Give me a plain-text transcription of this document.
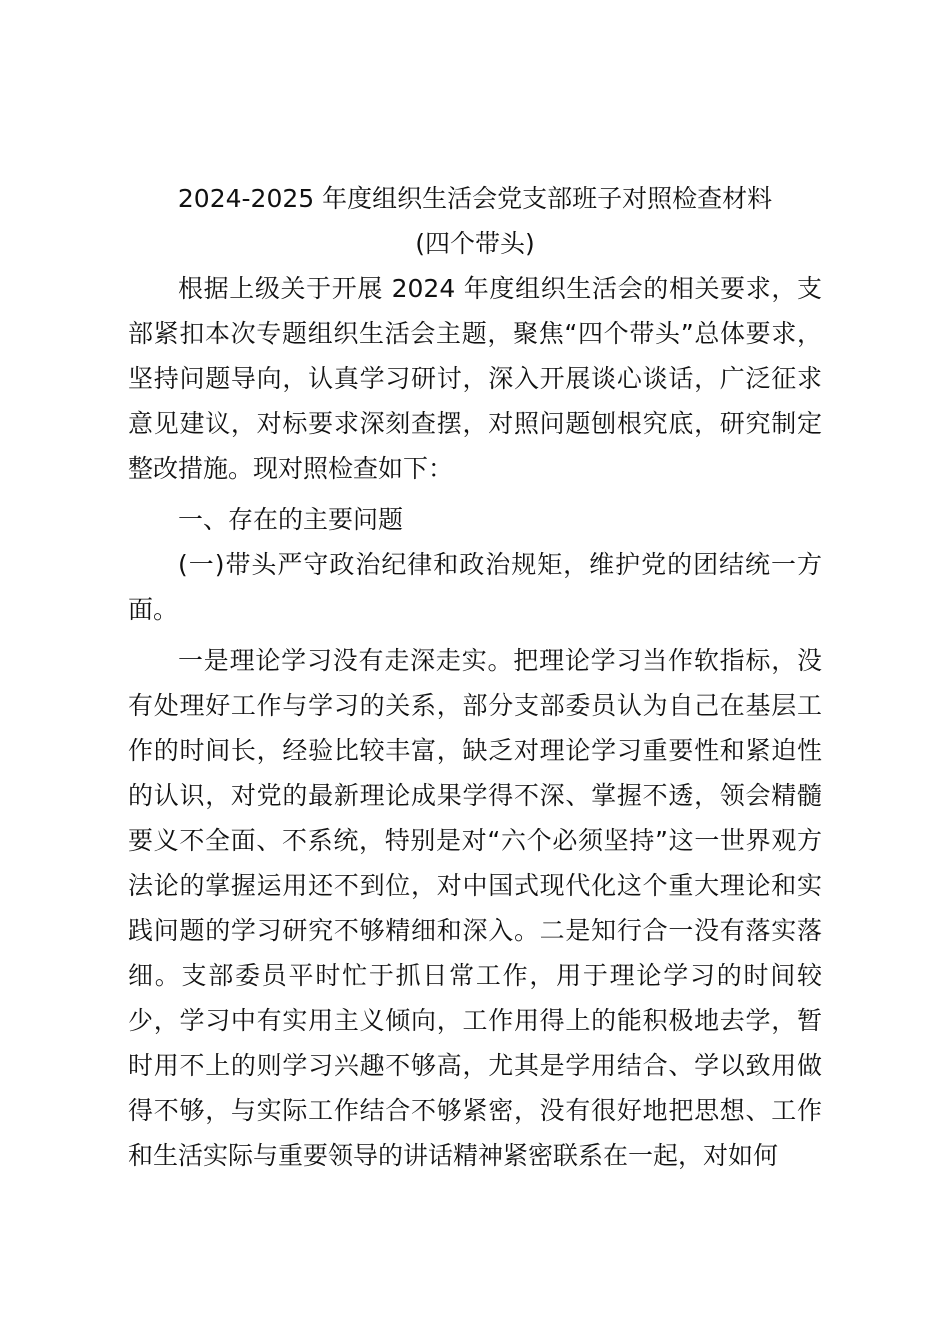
2024-2025 年度组织生活会党支部班子对照检查材料
(四个带头)

根据上级关于开展 2024 年度组织生活会的相关要求，支部紧扣本次专题组织生活会主题，聚焦“四个带头”总体要求，坚持问题导向，认真学习研讨，深入开展谈心谈话，广泛征求意见建议，对标要求深刻查摆，对照问题刨根究底，研究制定整改措施。现对照检查如下：

一、存在的主要问题

(一)带头严守政治纪律和政治规矩，维护党的团结统一方面。

一是理论学习没有走深走实。把理论学习当作软指标，没有处理好工作与学习的关系，部分支部委员认为自己在基层工作的时间长，经验比较丰富，缺乏对理论学习重要性和紧迫性的认识，对党的最新理论成果学得不深、掌握不透，领会精髓要义不全面、不系统，特别是对“六个必须坚持”这一世界观方法论的掌握运用还不到位，对中国式现代化这个重大理论和实践问题的学习研究不够精细和深入。二是知行合一没有落实落细。支部委员平时忙于抓日常工作，用于理论学习的时间较少，学习中有实用主义倾向，工作用得上的能积极地去学，暂时用不上的则学习兴趣不够高，尤其是学用结合、学以致用做得不够，与实际工作结合不够紧密，没有很好地把思想、工作和生活实际与重要领导的讲话精神紧密联系在一起，对如何
